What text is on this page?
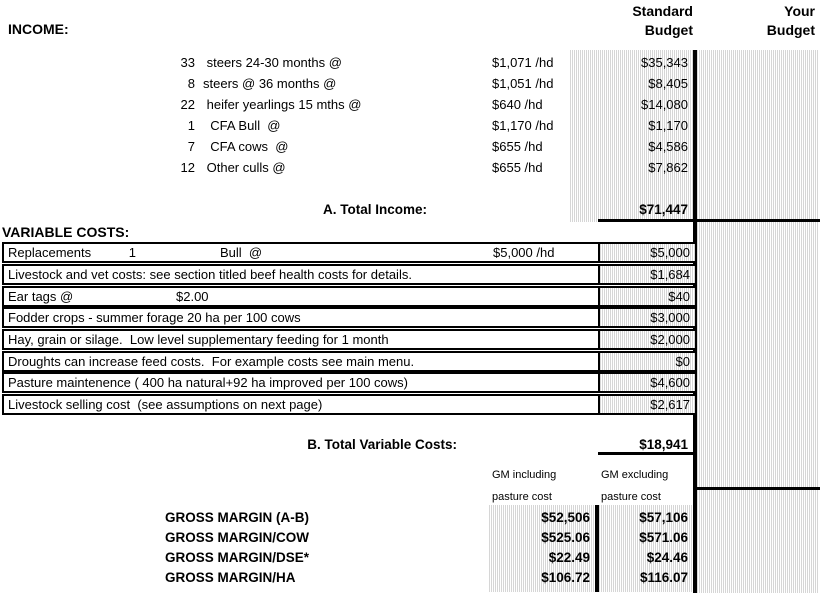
Standard
Budget
Your
Budget
INCOME:
33 steers 24-30 months @	$1,071 /hd	$35,343
8 steers @ 36 months @	$1,051 /hd	$8,405
22 heifer yearlings 15 mths @	$640 /hd	$14,080
1 CFA Bull  @	$1,170 /hd	$1,170
7 CFA cows  @	$655 /hd	$4,586
12 Other culls @	$655 /hd	$7,862
A. Total Income:	$71,447
VARIABLE COSTS:
Replacements	1	Bull  @	$5,000 /hd	$5,000
Livestock and vet costs: see section titled beef health costs for details.	$1,684
Ear tags @	$2.00	$40
Fodder crops - summer forage 20 ha per 100 cows	$3,000
Hay, grain or silage.  Low level supplementary feeding for 1 month	$2,000
Droughts can increase feed costs.  For example costs see main menu.	$0
Pasture maintenence ( 400 ha natural+92 ha improved per 100 cows)	$4,600
Livestock selling cost  (see assumptions on next page)	$2,617
B. Total Variable Costs:	$18,941
GM including
pasture cost
GM excluding
pasture cost
GROSS MARGIN (A-B)	$52,506	$57,106
GROSS MARGIN/COW	$525.06	$571.06
GROSS MARGIN/DSE*	$22.49	$24.46
GROSS MARGIN/HA	$106.72	$116.07
